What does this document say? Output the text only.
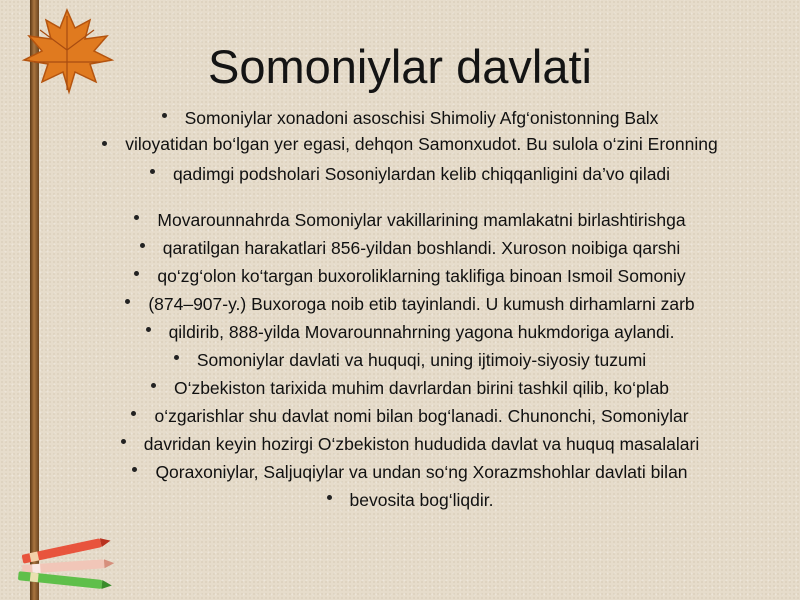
Somoniylar davlati
Somoniylar xonadoni asoschisi Shimoliy Afg‘onistonning Balx
viloyatidan bo‘lgan yer egasi, dehqon Samonxudot. Bu sulola o‘zini Eronning
qadimgi podsholari Sosoniylardan kelib chiqqanligini da’vo qiladi
Movarounnahrda Somoniylar vakillarining mamlakatni birlashtirishga
qaratilgan harakatlari 856-yildan boshlandi. Xuroson noibiga qarshi
qo‘zg‘olon ko‘targan buxoroliklarning taklifiga binoan Ismoil Somoniy
(874–907-y.) Buxoroga noib etib tayinlandi. U kumush dirhamlarni zarb
qildirib, 888-yilda Movarounnahrning yagona hukmdoriga aylandi.
Somoniylar davlati va huquqi, uning ijtimoiy-siyosiy tuzumi
O‘zbekiston tarixida muhim davrlardan birini tashkil qilib, ko‘plab
o‘zgarishlar shu davlat nomi bilan bog‘lanadi. Chunonchi, Somoniylar
davridan keyin hozirgi O‘zbekiston hududida davlat va huquq masalalari
Qoraxoniylar, Saljuqiylar va undan so‘ng Xorazmshohlar davlati bilan
bevosita bog‘liqdir.
